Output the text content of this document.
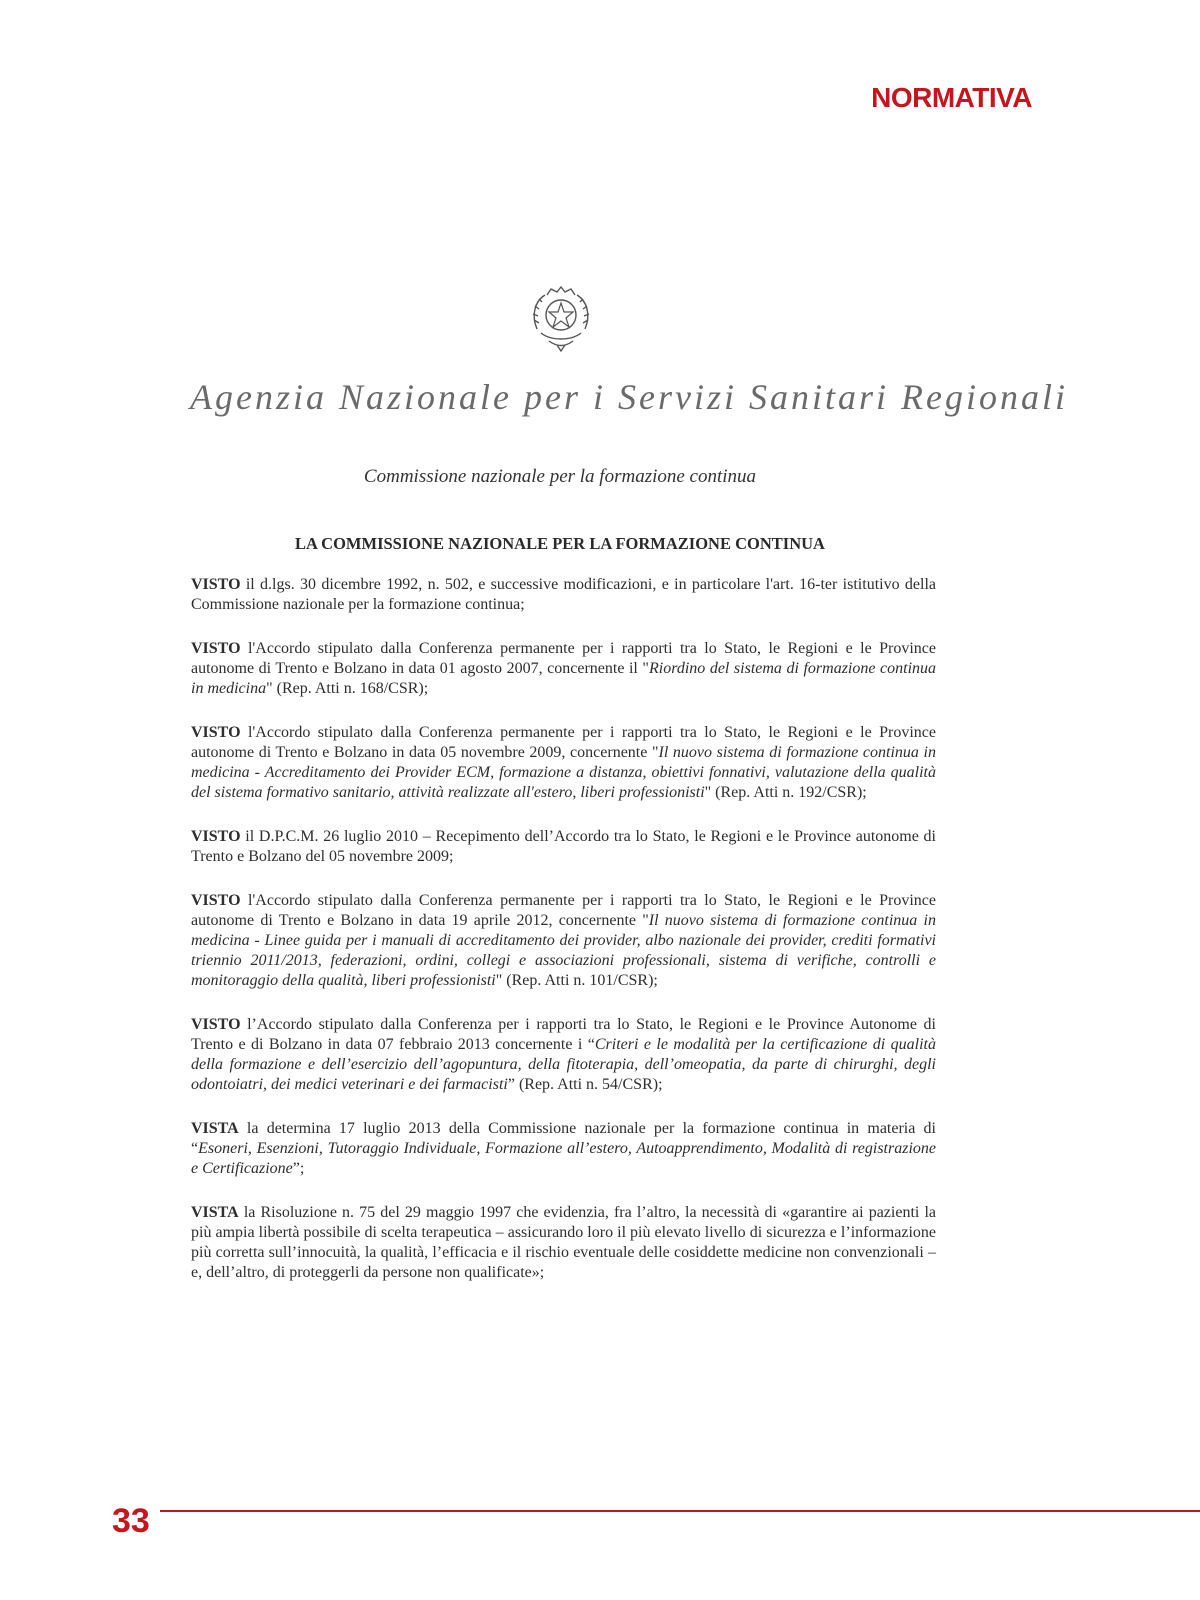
NORMATIVA
Agenzia Nazionale per i Servizi Sanitari Regionali
Commissione nazionale per la formazione continua
LA COMMISSIONE NAZIONALE PER LA FORMAZIONE CONTINUA

VISTO il d.lgs. 30 dicembre 1992, n. 502, e successive modificazioni, e in particolare l'art. 16-ter istitutivo della Commissione nazionale per la formazione continua;

VISTO l'Accordo stipulato dalla Conferenza permanente per i rapporti tra lo Stato, le Regioni e le Province autonome di Trento e Bolzano in data 01 agosto 2007, concernente il "Riordino del sistema di formazione continua in medicina" (Rep. Atti n. 168/CSR);

VISTO l'Accordo stipulato dalla Conferenza permanente per i rapporti tra lo Stato, le Regioni e le Province autonome di Trento e Bolzano in data 05 novembre 2009, concernente "Il nuovo sistema di formazione continua in medicina - Accreditamento dei Provider ECM, formazione a distanza, obiettivi fonnativi, valutazione della qualità del sistema formativo sanitario, attività realizzate all'estero, liberi professionisti" (Rep. Atti n. 192/CSR);

VISTO il D.P.C.M. 26 luglio 2010 – Recepimento dell’Accordo tra lo Stato, le Regioni e le Province autonome di Trento e Bolzano del 05 novembre 2009;

VISTO l'Accordo stipulato dalla Conferenza permanente per i rapporti tra lo Stato, le Regioni e le Province autonome di Trento e Bolzano in data 19 aprile 2012, concernente "Il nuovo sistema di formazione continua in medicina - Linee guida per i manuali di accreditamento dei provider, albo nazionale dei provider, crediti formativi triennio 2011/2013, federazioni, ordini, collegi e associazioni professionali, sistema di verifiche, controlli e monitoraggio della qualità, liberi professionisti" (Rep. Atti n. 101/CSR);

VISTO l’Accordo stipulato dalla Conferenza per i rapporti tra lo Stato, le Regioni e le Province Autonome di Trento e di Bolzano in data 07 febbraio 2013 concernente i “Criteri e le modalità per la certificazione di qualità della formazione e dell’esercizio dell’agopuntura, della fitoterapia, dell’omeopatia, da parte di chirurghi, degli odontoiatri, dei medici veterinari e dei farmacisti” (Rep. Atti n. 54/CSR);

VISTA la determina 17 luglio 2013 della Commissione nazionale per la formazione continua in materia di “Esoneri, Esenzioni, Tutoraggio Individuale, Formazione all’estero, Autoapprendimento, Modalità di registrazione e Certificazione”;

VISTA la Risoluzione n. 75 del 29 maggio 1997 che evidenzia, fra l’altro, la necessità di «garantire ai pazienti la più ampia libertà possibile di scelta terapeutica – assicurando loro il più elevato livello di sicurezza e l’informazione più corretta sull’innocuità, la qualità, l’efficacia e il rischio eventuale delle cosiddette medicine non convenzionali – e, dell’altro, di proteggerli da persone non qualificate»;

33
